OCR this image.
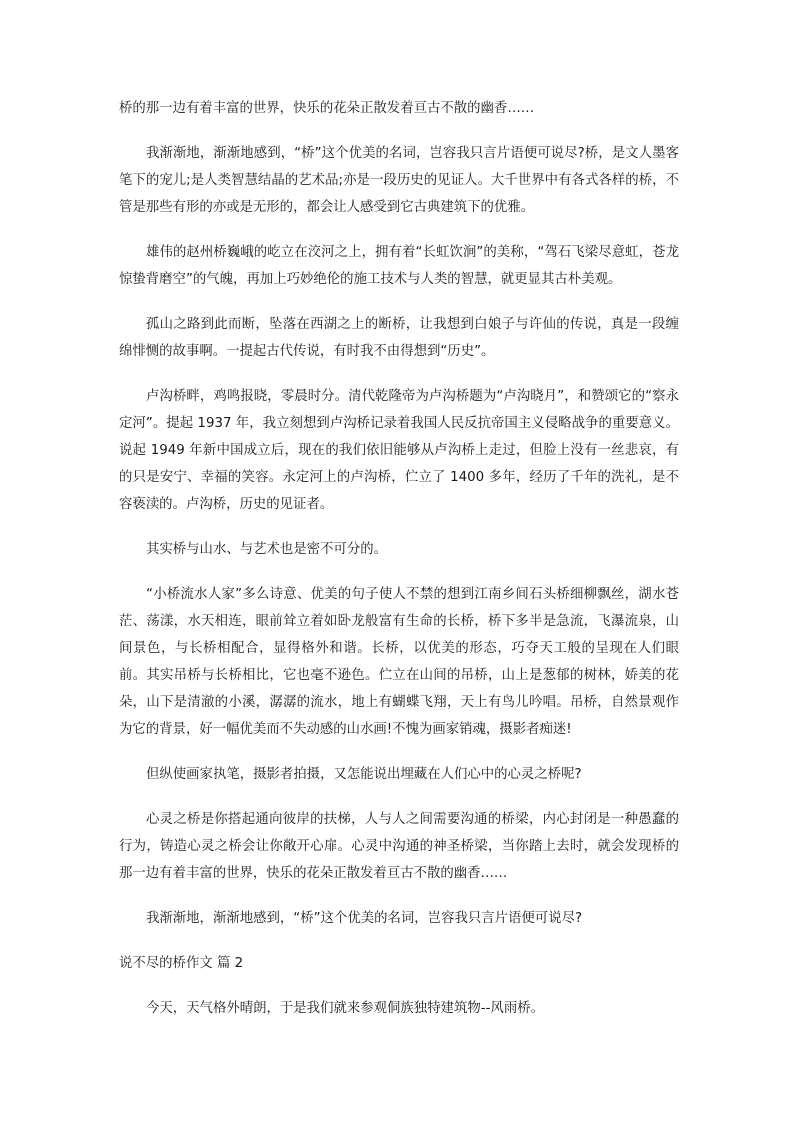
桥的那一边有着丰富的世界，快乐的花朵正散发着亘古不散的幽香……

我渐渐地，渐渐地感到，“桥”这个优美的名词，岂容我只言片语便可说尽?桥，是文人墨客笔下的宠儿;是人类智慧结晶的艺术品;亦是一段历史的见证人。大千世界中有各式各样的桥，不管是那些有形的亦或是无形的，都会让人感受到它古典建筑下的优雅。

雄伟的赵州桥巍峨的屹立在洨河之上，拥有着“长虹饮涧”的美称，“驾石飞梁尽意虹，苍龙惊蛰背磨空”的气魄，再加上巧妙绝伦的施工技术与人类的智慧，就更显其古朴美观。

孤山之路到此而断，坠落在西湖之上的断桥，让我想到白娘子与许仙的传说，真是一段缠绵悱恻的故事啊。一提起古代传说，有时我不由得想到“历史”。

卢沟桥畔，鸡鸣报晓，零晨时分。清代乾隆帝为卢沟桥题为“卢沟晓月”，和赞颂它的“察永定河”。提起 1937 年，我立刻想到卢沟桥记录着我国人民反抗帝国主义侵略战争的重要意义。说起 1949 年新中国成立后，现在的我们依旧能够从卢沟桥上走过，但脸上没有一丝悲哀，有的只是安宁、幸福的笑容。永定河上的卢沟桥，伫立了 1400 多年，经历了千年的洗礼，是不容亵渎的。卢沟桥，历史的见证者。

其实桥与山水、与艺术也是密不可分的。

“小桥流水人家”多么诗意、优美的句子使人不禁的想到江南乡间石头桥细柳飘丝，湖水苍茫、荡漾，水天相连，眼前耸立着如卧龙般富有生命的长桥，桥下多半是急流，飞瀑流泉，山间景色，与长桥相配合，显得格外和谐。长桥，以优美的形态，巧夺天工般的呈现在人们眼前。其实吊桥与长桥相比，它也毫不逊色。伫立在山间的吊桥，山上是葱郁的树林，娇美的花朵，山下是清澈的小溪，潺潺的流水，地上有蝴蝶飞翔，天上有鸟儿吟唱。吊桥，自然景观作为它的背景，好一幅优美而不失动感的山水画!不愧为画家销魂，摄影者痴迷!

但纵使画家执笔，摄影者拍摄，又怎能说出埋藏在人们心中的心灵之桥呢?

心灵之桥是你搭起通向彼岸的扶梯，人与人之间需要沟通的桥梁，内心封闭是一种愚蠢的行为，铸造心灵之桥会让你敞开心扉。心灵中沟通的神圣桥梁，当你踏上去时，就会发现桥的那一边有着丰富的世界，快乐的花朵正散发着亘古不散的幽香……

我渐渐地，渐渐地感到，“桥”这个优美的名词，岂容我只言片语便可说尽?

说不尽的桥作文 篇 2

今天，天气格外晴朗，于是我们就来参观侗族独特建筑物--风雨桥。
